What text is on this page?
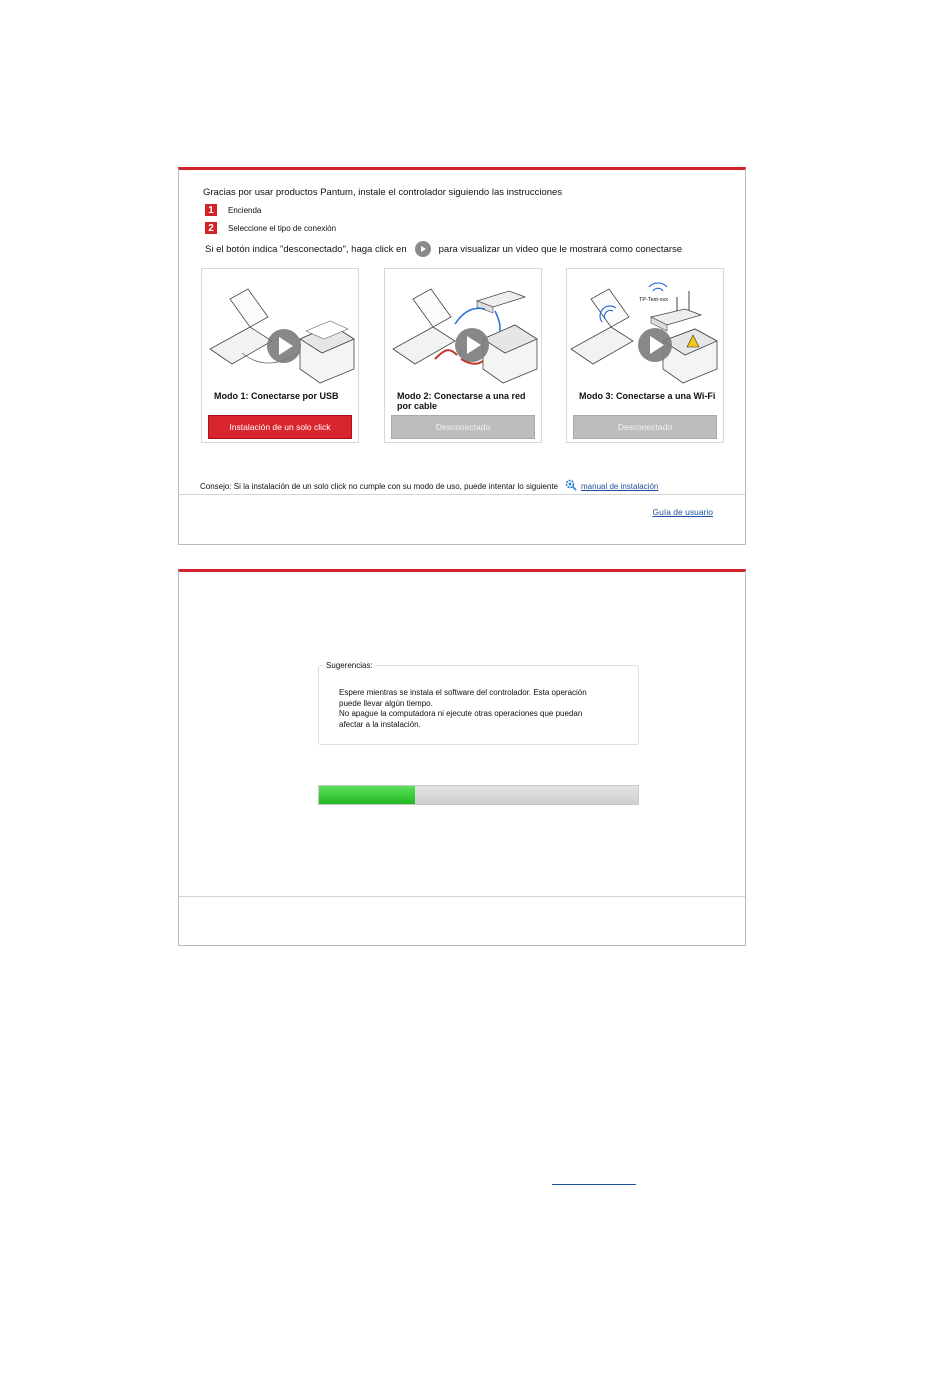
Gracias por usar productos Pantum, instale el controlador siguiendo las instrucciones
1	Encienda
2	Seleccione el tipo de conexión
Si el botón indica "desconectado", haga click en	para visualizar un video que le mostrará como conectarse
Modo 1: Conectarse por USB
Instalación de un solo click
Modo 2: Conectarse a una red por cable
Desconectado
TP-Test-xxx
Modo 3: Conectarse a una Wi-Fi
Desconectado
Consejo: Si la instalación de un solo click no cumple con su modo de uso, puede intentar lo siguiente	manual de instalación
Guía de usuario
Sugerencias:
Espere mientras se instala el software del controlador. Esta operación
puede llevar algún tiempo.
No apague la computadora ni ejecute otras operaciones que puedan
afectar a la instalación.
